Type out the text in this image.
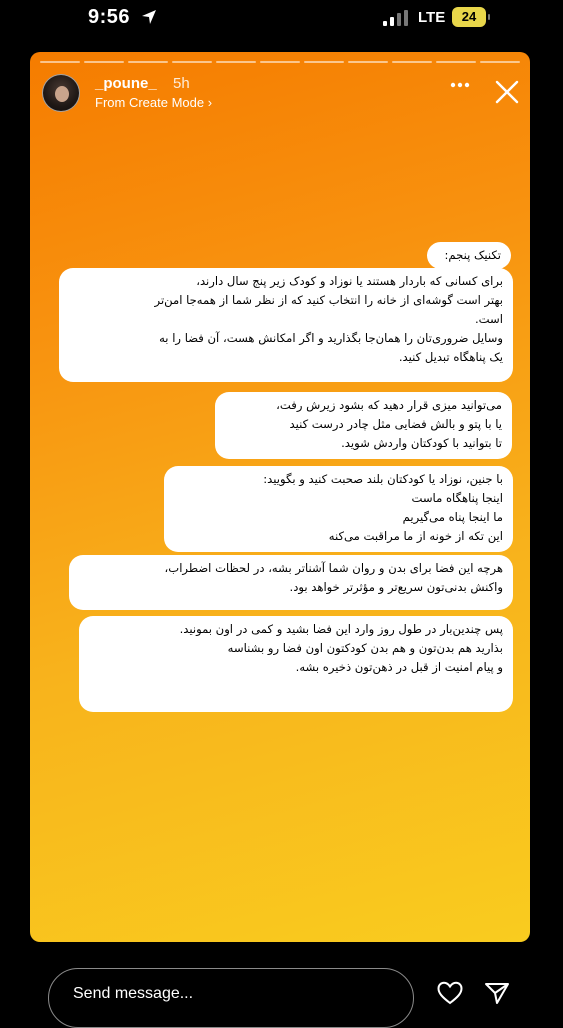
9:56	LTE	24
_poune_ 5h
From Create Mode ›
تکنیک پنجم:
برای کسانی که باردار هستند یا نوزاد و کودک زیر پنج سال دارند،
بهتر است گوشه‌ای از خانه را انتخاب کنید که از نظر شما از همه‌جا امن‌تر
است.
وسایل ضروری‌تان را همان‌جا بگذارید و اگر امکانش هست، آن فضا را به
یک پناهگاه تبدیل کنید.
می‌توانید میزی قرار دهید که بشود زیرش رفت،
یا با پتو و بالش فضایی مثل چادر درست کنید
تا بتوانید با کودکتان واردش شوید.
با جنین، نوزاد یا کودکتان بلند صحبت کنید و بگویید:
اینجا پناهگاه ماست
ما اینجا پناه می‌گیریم
این تکه از خونه از ما مراقبت می‌کنه
هرچه این فضا برای بدن و روان شما آشناتر بشه، در لحظات اضطراب،
واکنش بدنی‌تون سریع‌تر و مؤثرتر خواهد بود.
پس چندین‌بار در طول روز وارد این فضا بشید و کمی در اون بمونید.
بذارید هم بدن‌تون و هم بدن کودکتون اون فضا رو بشناسه
و پیام امنیت از قبل در ذهن‌تون ذخیره بشه.
Send message...
